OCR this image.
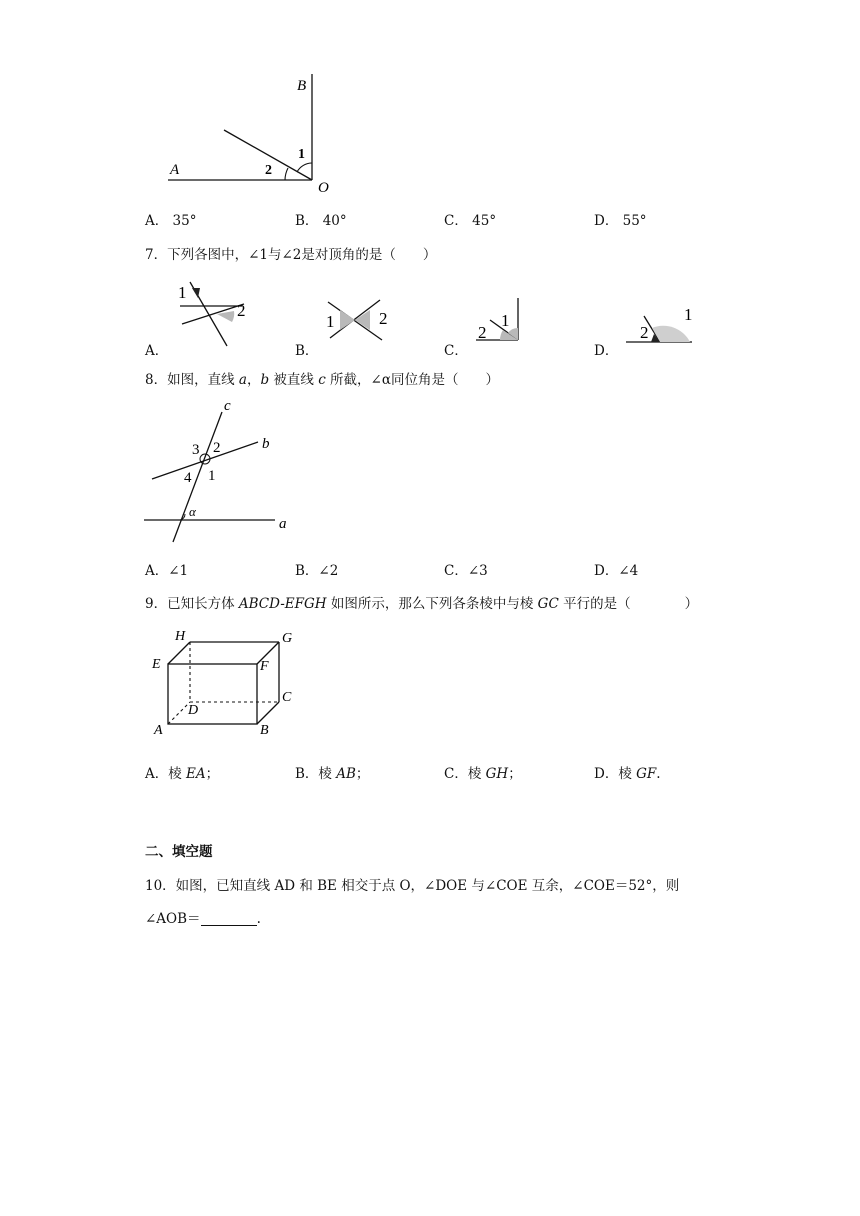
B
A
O
1
2
A． 35°	B． 40°	C． 45°	D． 55°
7．下列各图中，∠1与∠2是对顶角的是（　　）
1
2
A．
1	2
B．
1
2
C．
1
2
D．
8．如图，直线 a，b 被直线 c 所截，∠α同位角是（　　）
c
b
a
3 2
4 1
α
A．∠1	B．∠2	C．∠3	D．∠4
9．已知长方体 ABCD-EFGH 如图所示，那么下列各条棱中与棱 GC 平行的是（　　　　）
H	G
E	F
C
D
A	B
A．棱 EA；	B．棱 AB；	C．棱 GH；	D．棱 GF.
二、填空题
10．如图，已知直线 AD 和 BE 相交于点 O，∠DOE 与∠COE 互余，∠COE＝52°，则
∠AOB＝	.
